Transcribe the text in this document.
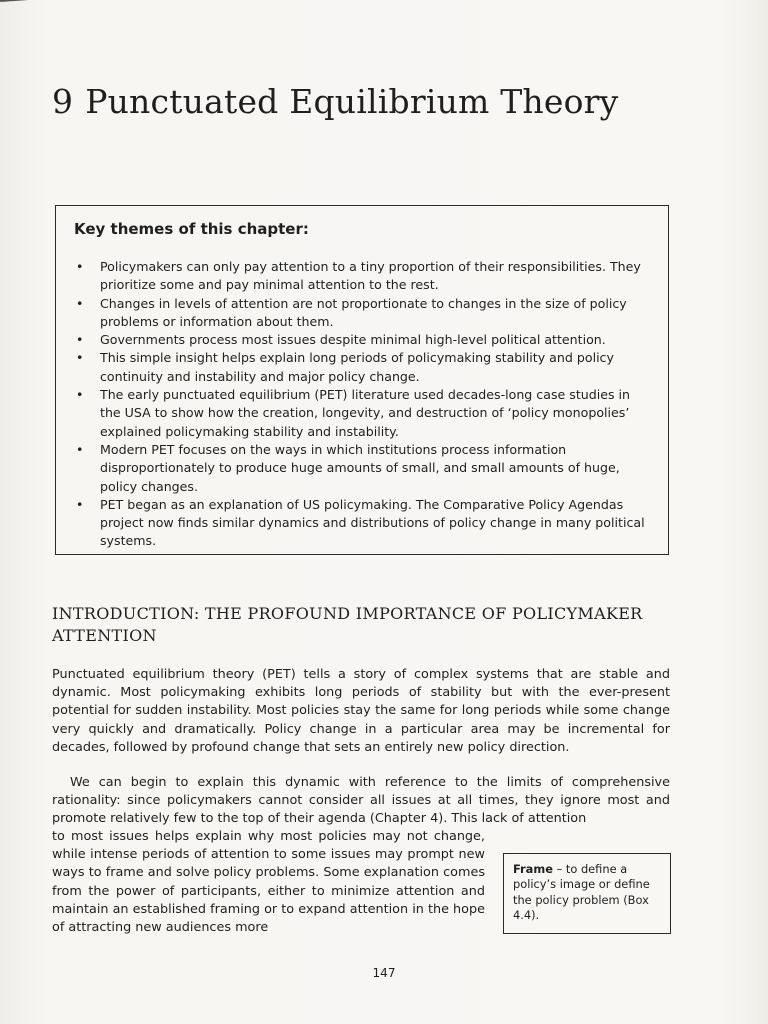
9 Punctuated Equilibrium Theory
Key themes of this chapter:
• Policymakers can only pay attention to a tiny proportion of their responsibilities. They prioritize some and pay minimal attention to the rest.
• Changes in levels of attention are not proportionate to changes in the size of policy problems or information about them.
• Governments process most issues despite minimal high-level political attention.
• This simple insight helps explain long periods of policymaking stability and policy continuity and instability and major policy change.
• The early punctuated equilibrium (PET) literature used decades-long case studies in the USA to show how the creation, longevity, and destruction of ‘policy monopolies’ explained policymaking stability and instability.
• Modern PET focuses on the ways in which institutions process information disproportionately to produce huge amounts of small, and small amounts of huge, policy changes.
• PET began as an explanation of US policymaking. The Comparative Policy Agendas project now finds similar dynamics and distributions of policy change in many political systems.
INTRODUCTION: THE PROFOUND IMPORTANCE OF POLICYMAKER ATTENTION

Punctuated equilibrium theory (PET) tells a story of complex systems that are stable and dynamic. Most policymaking exhibits long periods of stability but with the ever-present potential for sudden instability. Most policies stay the same for long periods while some change very quickly and dramatically. Policy change in a particular area may be incremental for decades, followed by profound change that sets an entirely new policy direction.

We can begin to explain this dynamic with reference to the limits of comprehensive rationality: since policymakers cannot consider all issues at all times, they ignore most and promote relatively few to the top of their agenda (Chapter 4). This lack of attention

to most issues helps explain why most policies may not change, while intense periods of attention to some issues may prompt new ways to frame and solve policy problems. Some explanation comes from the power of participants, either to minimize attention and maintain an established framing or to expand attention in the hope of attracting new audiences more

Frame – to define a policy’s image or define the policy problem (Box 4.4).
147
